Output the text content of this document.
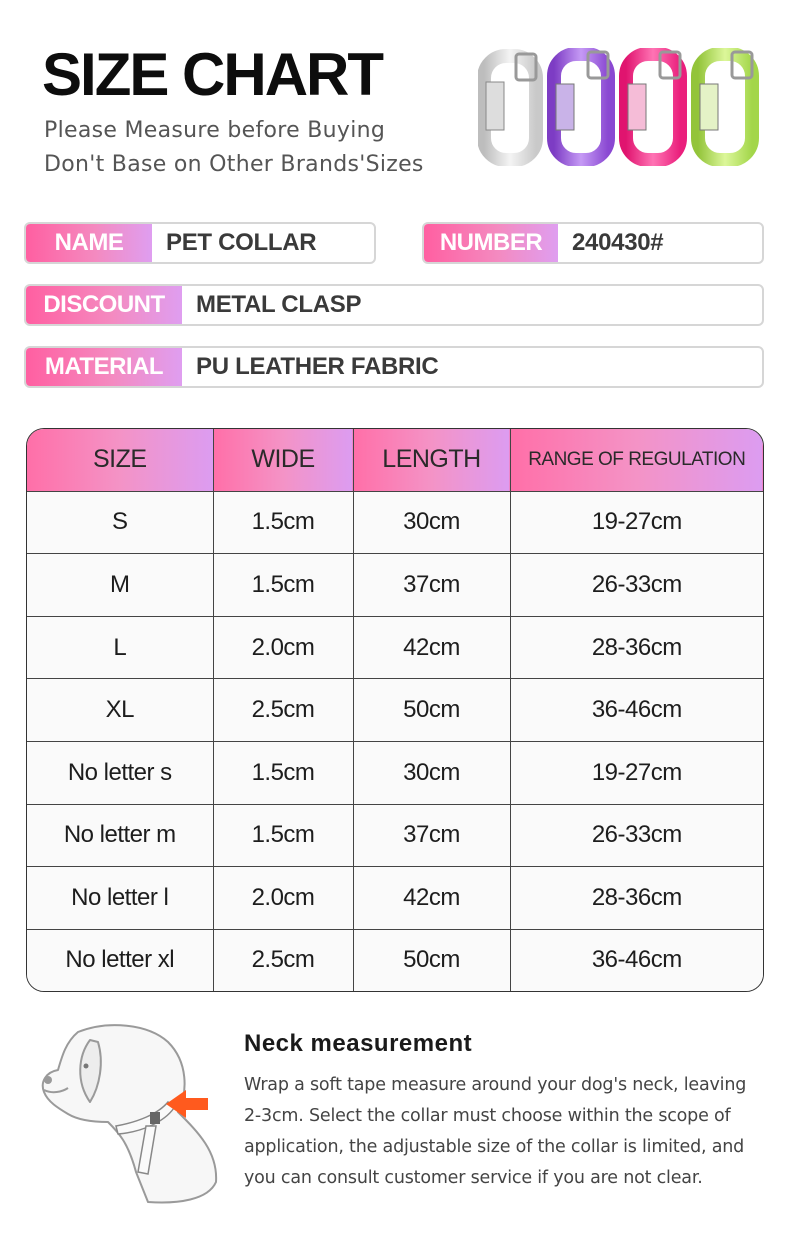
SIZE CHART
Please Measure before Buying
Don't Base on Other Brands'Sizes
NAME	PET COLLAR	NUMBER	240430#
DISCOUNT	METAL CLASP
MATERIAL	PU LEATHER FABRIC
SIZE	WIDE	LENGTH	RANGE OF REGULATION
S	1.5cm	30cm	19-27cm
M	1.5cm	37cm	26-33cm
L	2.0cm	42cm	28-36cm
XL	2.5cm	50cm	36-46cm
No letter s	1.5cm	30cm	19-27cm
No letter m	1.5cm	37cm	26-33cm
No letter l	2.0cm	42cm	28-36cm
No letter xl	2.5cm	50cm	36-46cm
Neck measurement
Wrap a soft tape measure around your dog's neck, leaving 2-3cm. Select the collar must choose within the scope of application, the adjustable size of the collar is limited, and you can consult customer service if you are not clear.
